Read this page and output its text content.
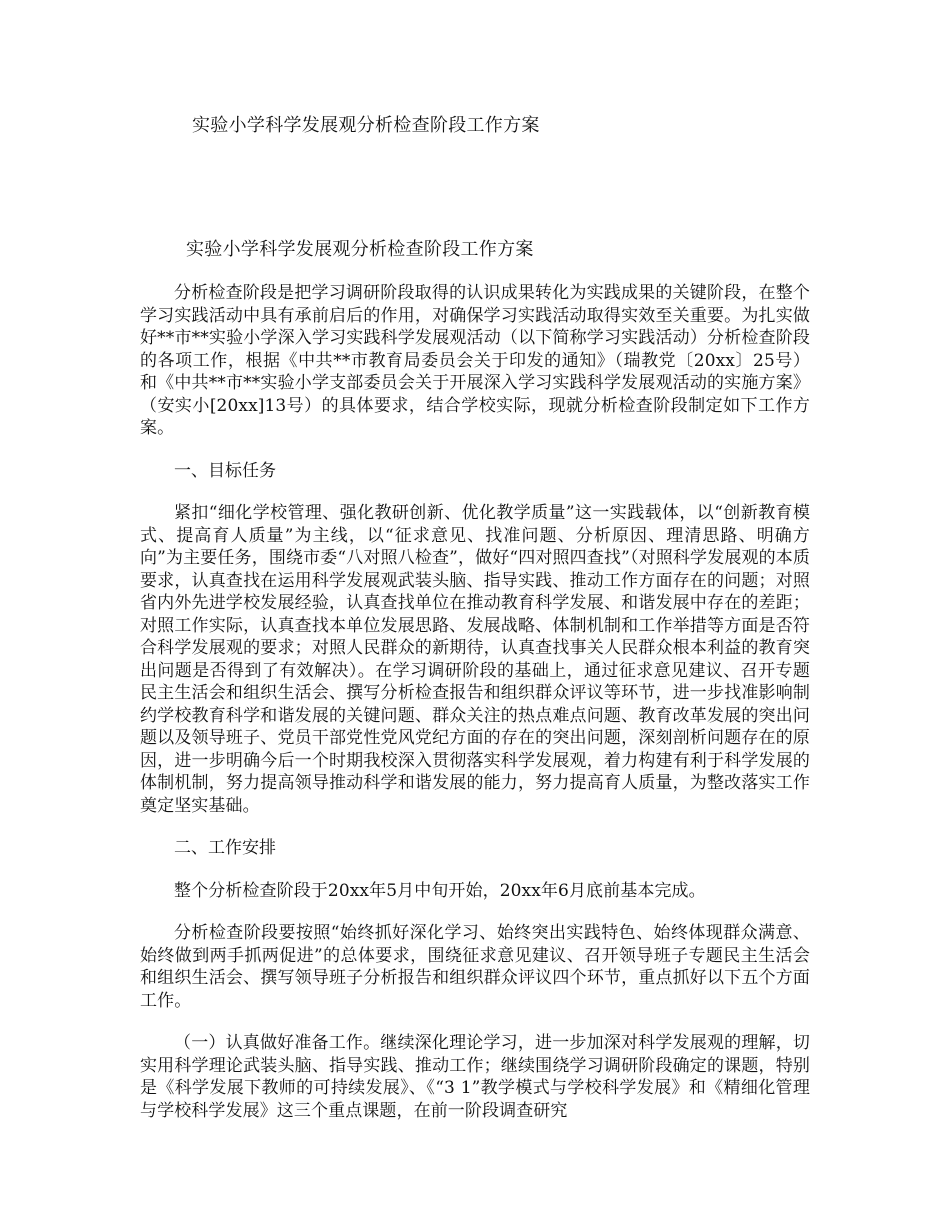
实验小学科学发展观分析检查阶段工作方案
实验小学科学发展观分析检查阶段工作方案

分析检查阶段是把学习调研阶段取得的认识成果转化为实践成果的关键阶段，在整个学习实践活动中具有承前启后的作用，对确保学习实践活动取得实效至关重要。为扎实做好**市**实验小学深入学习实践科学发展观活动（以下简称学习实践活动）分析检查阶段的各项工作，根据《中共**市教育局委员会关于印发的通知》（瑞教党〔20xx〕25号）和《中共**市**实验小学支部委员会关于开展深入学习实践科学发展观活动的实施方案》（安实小[20xx]13号）的具体要求，结合学校实际，现就分析检查阶段制定如下工作方案。

一、目标任务

紧扣“细化学校管理、强化教研创新、优化教学质量”这一实践载体，以“创新教育模式、提高育人质量”为主线，以“征求意见、找准问题、分析原因、理清思路、明确方向”为主要任务，围绕市委“八对照八检查”，做好“四对照四查找”（对照科学发展观的本质要求，认真查找在运用科学发展观武装头脑、指导实践、推动工作方面存在的问题；对照省内外先进学校发展经验，认真查找单位在推动教育科学发展、和谐发展中存在的差距；对照工作实际，认真查找本单位发展思路、发展战略、体制机制和工作举措等方面是否符合科学发展观的要求；对照人民群众的新期待，认真查找事关人民群众根本利益的教育突出问题是否得到了有效解决）。在学习调研阶段的基础上，通过征求意见建议、召开专题民主生活会和组织生活会、撰写分析检查报告和组织群众评议等环节，进一步找准影响制约学校教育科学和谐发展的关键问题、群众关注的热点难点问题、教育改革发展的突出问题以及领导班子、党员干部党性党风党纪方面的存在的突出问题，深刻剖析问题存在的原因，进一步明确今后一个时期我校深入贯彻落实科学发展观，着力构建有利于科学发展的体制机制，努力提高领导推动科学和谐发展的能力，努力提高育人质量，为整改落实工作奠定坚实基础。

二、工作安排

整个分析检查阶段于20xx年5月中旬开始，20xx年6月底前基本完成。

分析检查阶段要按照“始终抓好深化学习、始终突出实践特色、始终体现群众满意、始终做到两手抓两促进”的总体要求，围绕征求意见建议、召开领导班子专题民主生活会和组织生活会、撰写领导班子分析报告和组织群众评议四个环节，重点抓好以下五个方面工作。

（一）认真做好准备工作。继续深化理论学习，进一步加深对科学发展观的理解，切实用科学理论武装头脑、指导实践、推动工作；继续围绕学习调研阶段确定的课题，特别是《科学发展下教师的可持续发展》、《“3 1”教学模式与学校科学发展》和《精细化管理与学校科学发展》这三个重点课题，在前一阶段调查研究
